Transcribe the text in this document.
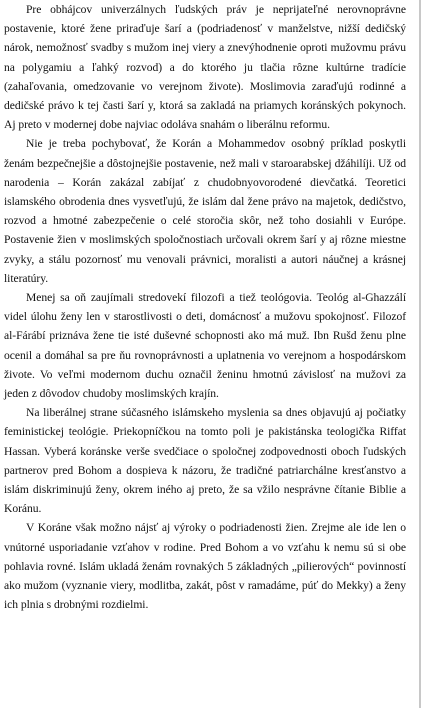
Pre obhájcov univerzálnych ľudských práv je neprijateľné nerovnoprávne postavenie, ktoré žene priraďuje šarí a (podriadenosť v manželstve, nižší dedičský nárok, nemožnosť svadby s mužom inej viery a znevýhodnenie oproti mužovmu právu na polygamiu a ľahký rozvod) a do ktorého ju tlačia rôzne kultúrne tradície (zahaľovania, omedzovanie vo verejnom živote). Moslimovia zaraďujú rodinné a dedičské právo k tej časti šarí y, ktorá sa zakladá na priamych koránských pokynoch. Aj preto v modernej dobe najviac odoláva snahám o liberálnu reformu.

Nie je treba pochybovať, že Korán a Mohammedov osobný príklad poskytli ženám bezpečnejšie a dôstojnejšie postavenie, než mali v staroarabskej džáhilíji. Už od narodenia – Korán zakázal zabíjať z chudobnyovorodené dievčatká. Teoretici islamského obrodenia dnes vysvetľujú, že islám dal žene právo na majetok, dedičstvo, rozvod a hmotné zabezpečenie o celé storočia skôr, než toho dosiahli v Európe. Postavenie žien v moslimských spoločnostiach určovali okrem šarí y aj rôzne miestne zvyky, a stálu pozornosť mu venovali právnici, moralisti a autori náučnej a krásnej literatúry.

Menej sa oň zaujímali stredovekí filozofi a tiež teológovia. Teológ al-Ghazzálí videl úlohu ženy len v starostlivosti o deti, domácnosť a mužovu spokojnosť. Filozof al-Fárábí priznáva žene tie isté duševné schopnosti ako má muž. Ibn Rušd ženu plne ocenil a domáhal sa pre ňu rovnoprávnosti a uplatnenia vo verejnom a hospodárskom živote. Vo veľmi modernom duchu označil ženinu hmotnú závislosť na mužovi za jeden z dôvodov chudoby moslimských krajín.

Na liberálnej strane súčasného islámskeho myslenia sa dnes objavujú aj počiatky feministickej teológie. Priekopníčkou na tomto poli je pakistánska teologička Riffat Hassan. Vyberá koránske verše svedčiace o spoločnej zodpovednosti oboch ľudských partnerov pred Bohom a dospieva k názoru, že tradičné patriarchálne kresťanstvo a islám diskriminujú ženy, okrem iného aj preto, že sa vžilo nesprávne čítanie Biblie a Koránu.

V Koráne však možno nájsť aj výroky o podriadenosti žien. Zrejme ale ide len o vnútorné usporiadanie vzťahov v rodine. Pred Bohom a vo vzťahu k nemu sú si obe pohlavia rovné. Islám ukladá ženám rovnakých 5 základných „pilierových“ povinností ako mužom (vyznanie viery, modlitba, zakát, pôst v ramadáme, púť do Mekky) a ženy ich plnia s drobnými rozdielmi.
